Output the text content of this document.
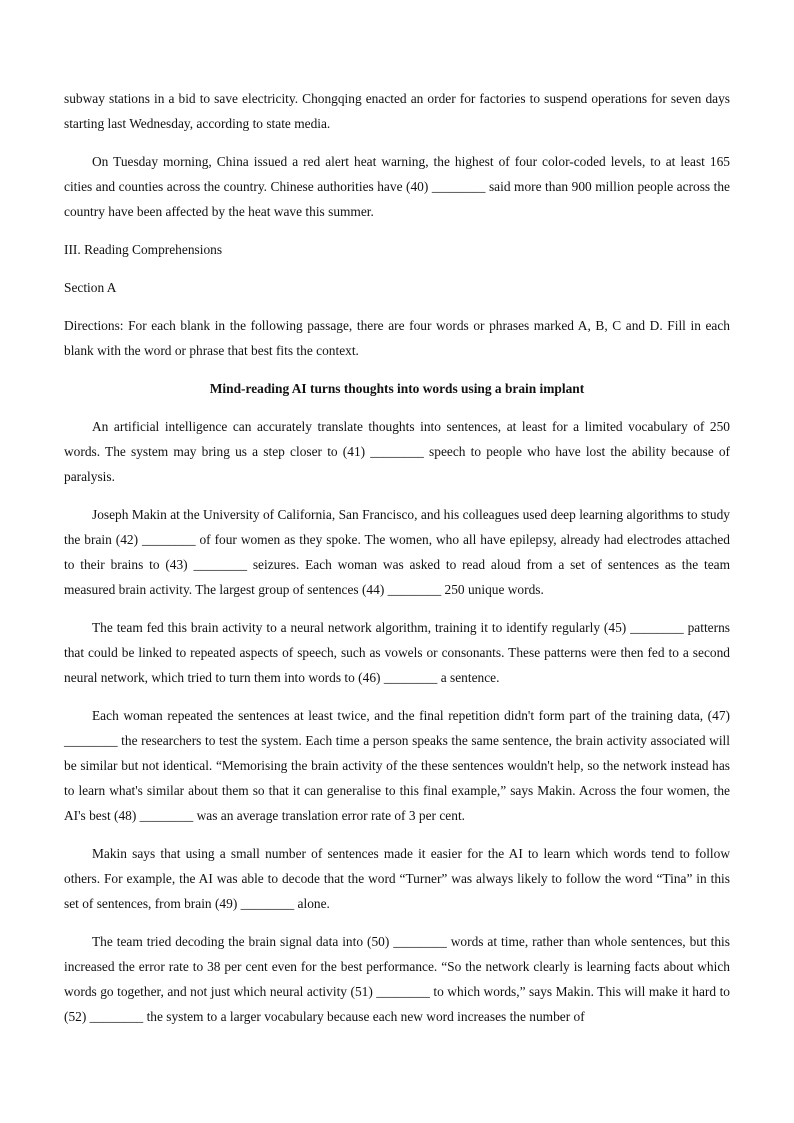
subway stations in a bid to save electricity. Chongqing enacted an order for factories to suspend operations for seven days starting last Wednesday, according to state media.

On Tuesday morning, China issued a red alert heat warning, the highest of four color-coded levels, to at least 165 cities and counties across the country. Chinese authorities have (40) ________ said more than 900 million people across the country have been affected by the heat wave this summer.

III. Reading Comprehensions

Section A

Directions: For each blank in the following passage, there are four words or phrases marked A, B, C and D. Fill in each blank with the word or phrase that best fits the context.

Mind-reading AI turns thoughts into words using a brain implant

An artificial intelligence can accurately translate thoughts into sentences, at least for a limited vocabulary of 250 words. The system may bring us a step closer to (41) ________ speech to people who have lost the ability because of paralysis.

Joseph Makin at the University of California, San Francisco, and his colleagues used deep learning algorithms to study the brain (42) ________ of four women as they spoke. The women, who all have epilepsy, already had electrodes attached to their brains to (43) ________ seizures. Each woman was asked to read aloud from a set of sentences as the team measured brain activity. The largest group of sentences (44) ________ 250 unique words.

The team fed this brain activity to a neural network algorithm, training it to identify regularly (45) ________ patterns that could be linked to repeated aspects of speech, such as vowels or consonants. These patterns were then fed to a second neural network, which tried to turn them into words to (46) ________ a sentence.

Each woman repeated the sentences at least twice, and the final repetition didn't form part of the training data, (47) ________ the researchers to test the system. Each time a person speaks the same sentence, the brain activity associated will be similar but not identical. “Memorising the brain activity of the these sentences wouldn't help, so the network instead has to learn what's similar about them so that it can generalise to this final example,” says Makin. Across the four women, the AI's best (48) ________ was an average translation error rate of 3 per cent.

Makin says that using a small number of sentences made it easier for the AI to learn which words tend to follow others. For example, the AI was able to decode that the word “Turner” was always likely to follow the word “Tina” in this set of sentences, from brain (49) ________ alone.

The team tried decoding the brain signal data into (50) ________ words at time, rather than whole sentences, but this increased the error rate to 38 per cent even for the best performance. “So the network clearly is learning facts about which words go together, and not just which neural activity (51) ________ to which words,” says Makin. This will make it hard to (52) ________ the system to a larger vocabulary because each new word increases the number of
